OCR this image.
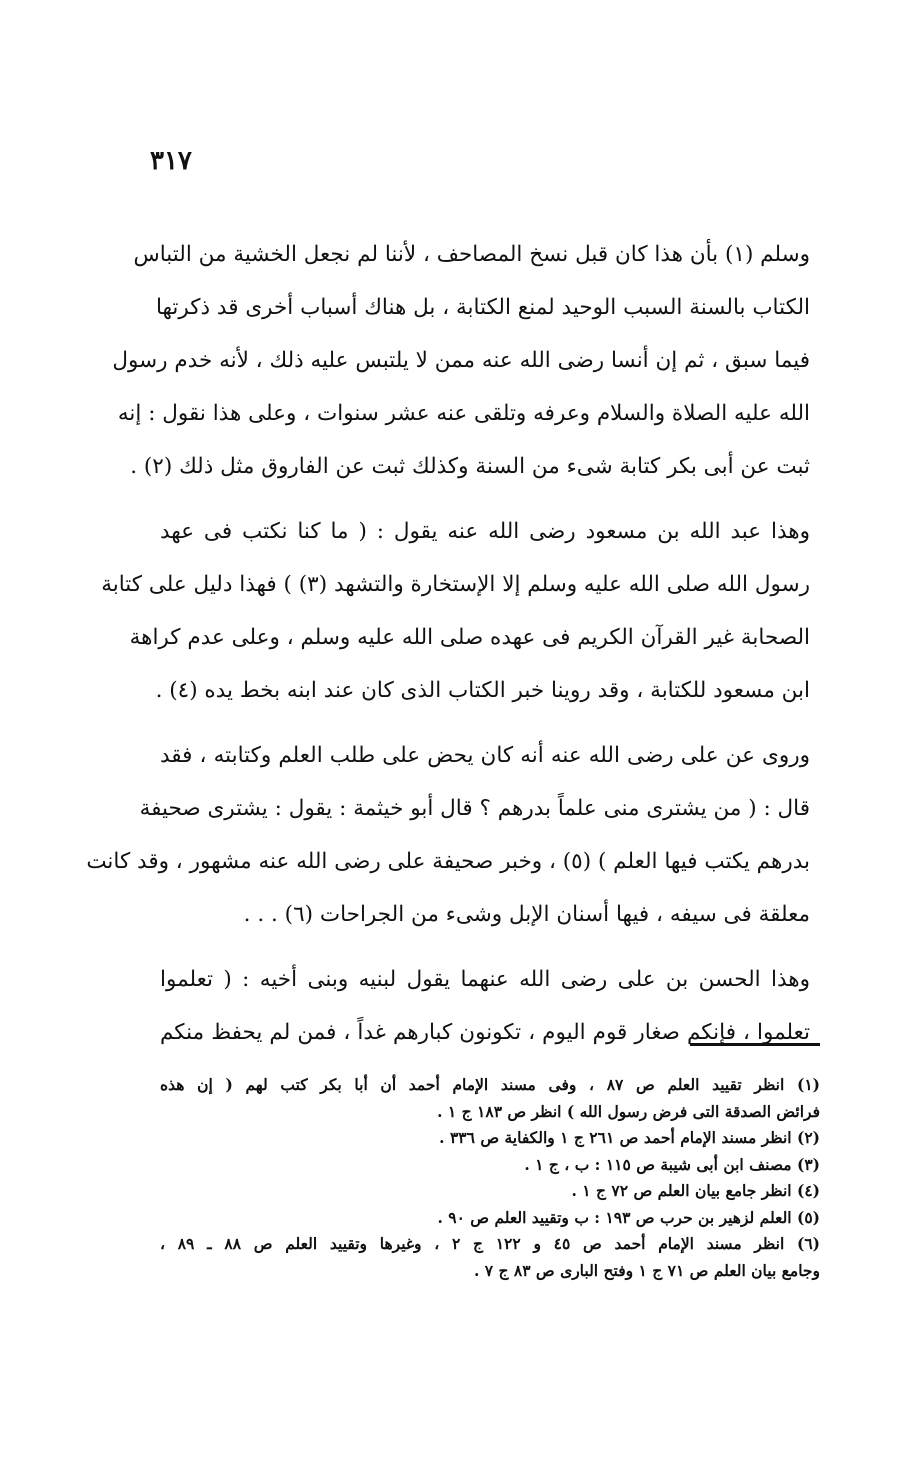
٣١٧
وسلم (١) بأن هذا كان قبل نسخ المصاحف ، لأننا لم نجعل الخشية من التباس
الكتاب بالسنة السبب الوحيد لمنع الكتابة ، بل هناك أسباب أخرى قد ذكرتها
فيما سبق ، ثم إن أنسا رضى الله عنه ممن لا يلتبس عليه ذلك ، لأنه خدم رسول
الله عليه الصلاة والسلام وعرفه وتلقى عنه عشر سنوات ، وعلى هذا نقول : إنه
ثبت عن أبى بكر كتابة شىء من السنة وكذلك ثبت عن الفاروق مثل ذلك (٢) .
وهذا عبد الله بن مسعود رضى الله عنه يقول : ( ما كنا نكتب فى عهد
رسول الله صلى الله عليه وسلم إلا الإستخارة والتشهد (٣) ) فهذا دليل على كتابة
الصحابة غير القرآن الكريم فى عهده صلى الله عليه وسلم ، وعلى عدم كراهة
ابن مسعود للكتابة ، وقد روينا خبر الكتاب الذى كان عند ابنه بخط يده (٤) .
وروى عن على رضى الله عنه أنه كان يحض على طلب العلم وكتابته ، فقد
قال : ( من يشترى منى علماً بدرهم ؟ قال أبو خيثمة : يقول : يشترى صحيفة
بدرهم يكتب فيها العلم ) (٥) ، وخبر صحيفة على رضى الله عنه مشهور ، وقد كانت
معلقة فى سيفه ، فيها أسنان الإبل وشىء من الجراحات (٦) . . .
وهذا الحسن بن على رضى الله عنهما يقول لبنيه وبنى أخيه : ( تعلموا
تعلموا ، فإنكم صغار قوم اليوم ، تكونون كبارهم غداً ، فمن لم يحفظ منكم
(١) انظر تقييد العلم ص ٨٧ ، وفى مسند الإمام أحمد أن أبا بكر كتب لهم ( إن هذه
فرائض الصدقة التى فرض رسول الله ) انظر ص ١٨٣ ج ١ .
(٢) انظر مسند الإمام أحمد ص ٢٦١ ج ١ والكفاية ص ٣٣٦ .
(٣) مصنف ابن أبى شيبة ص ١١٥ : ب ، ج ١ .
(٤) انظر جامع بيان العلم ص ٧٢ ج ١ .
(٥) العلم لزهير بن حرب ص ١٩٣ : ب وتقييد العلم ص ٩٠ .
(٦) انظر مسند الإمام أحمد ص ٤٥ و ١٢٢ ج ٢ ، وغيرها وتقييد العلم ص ٨٨ ـ ٨٩ ،
وجامع بيان العلم ص ٧١ ج ١ وفتح البارى ص ٨٣ ج ٧ .
